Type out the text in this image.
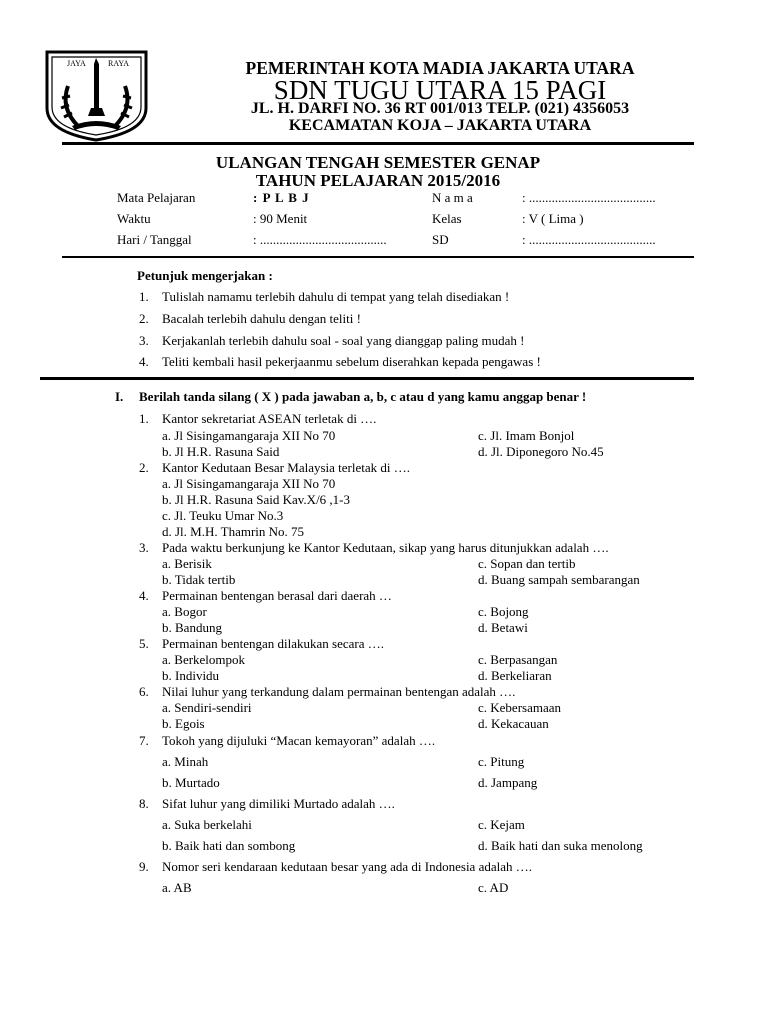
JAYA	RAYA	PEMERINTAH KOTA MADIA JAKARTA UTARA
SDN TUGU UTARA 15 PAGI
JL. H. DARFI NO. 36 RT 001/013 TELP. (021) 4356053
KECAMATAN KOJA – JAKARTA UTARA
ULANGAN TENGAH SEMESTER GENAP
TAHUN PELAJARAN 2015/2016
Mata Pelajaran	: P L B J	N a m a	: .......................................
Waktu	: 90 Menit	Kelas	: V ( Lima )
Hari / Tanggal	: .......................................	SD	: .......................................
Petunjuk mengerjakan :
1. Tulislah namamu terlebih dahulu di tempat yang telah disediakan !
2. Bacalah terlebih dahulu dengan teliti !
3. Kerjakanlah terlebih dahulu soal - soal yang dianggap paling mudah !
4. Teliti kembali hasil pekerjaanmu sebelum diserahkan kepada pengawas !
I. Berilah tanda silang ( X ) pada jawaban a, b, c atau d yang kamu anggap benar !
1. Kantor sekretariat ASEAN terletak di ….
a. Jl Sisingamangaraja XII No 70	c. Jl. Imam Bonjol
b. Jl H.R. Rasuna Said	d. Jl. Diponegoro No.45
2. Kantor Kedutaan Besar Malaysia terletak di ….
a. Jl Sisingamangaraja XII No 70
b. Jl H.R. Rasuna Said Kav.X/6 ,1-3
c. Jl. Teuku Umar No.3
d. Jl. M.H. Thamrin No. 75
3. Pada waktu berkunjung ke Kantor Kedutaan, sikap yang harus ditunjukkan adalah ….
a. Berisik	c. Sopan dan tertib
b. Tidak tertib	d. Buang sampah sembarangan
4. Permainan bentengan berasal dari daerah …
a. Bogor	c. Bojong
b. Bandung	d. Betawi
5. Permainan bentengan dilakukan secara ….
a. Berkelompok	c. Berpasangan
b. Individu	d. Berkeliaran
6. Nilai luhur yang terkandung dalam permainan bentengan adalah ….
a. Sendiri-sendiri	c. Kebersamaan
b. Egois	d. Kekacauan
7. Tokoh yang dijuluki “Macan kemayoran” adalah ….
a. Minah	c. Pitung
b. Murtado	d. Jampang
8. Sifat luhur yang dimiliki Murtado adalah ….
a. Suka berkelahi	c. Kejam
b. Baik hati dan sombong	d. Baik hati dan suka menolong
9. Nomor seri kendaraan kedutaan besar yang ada di Indonesia adalah ….
a. AB	c. AD
